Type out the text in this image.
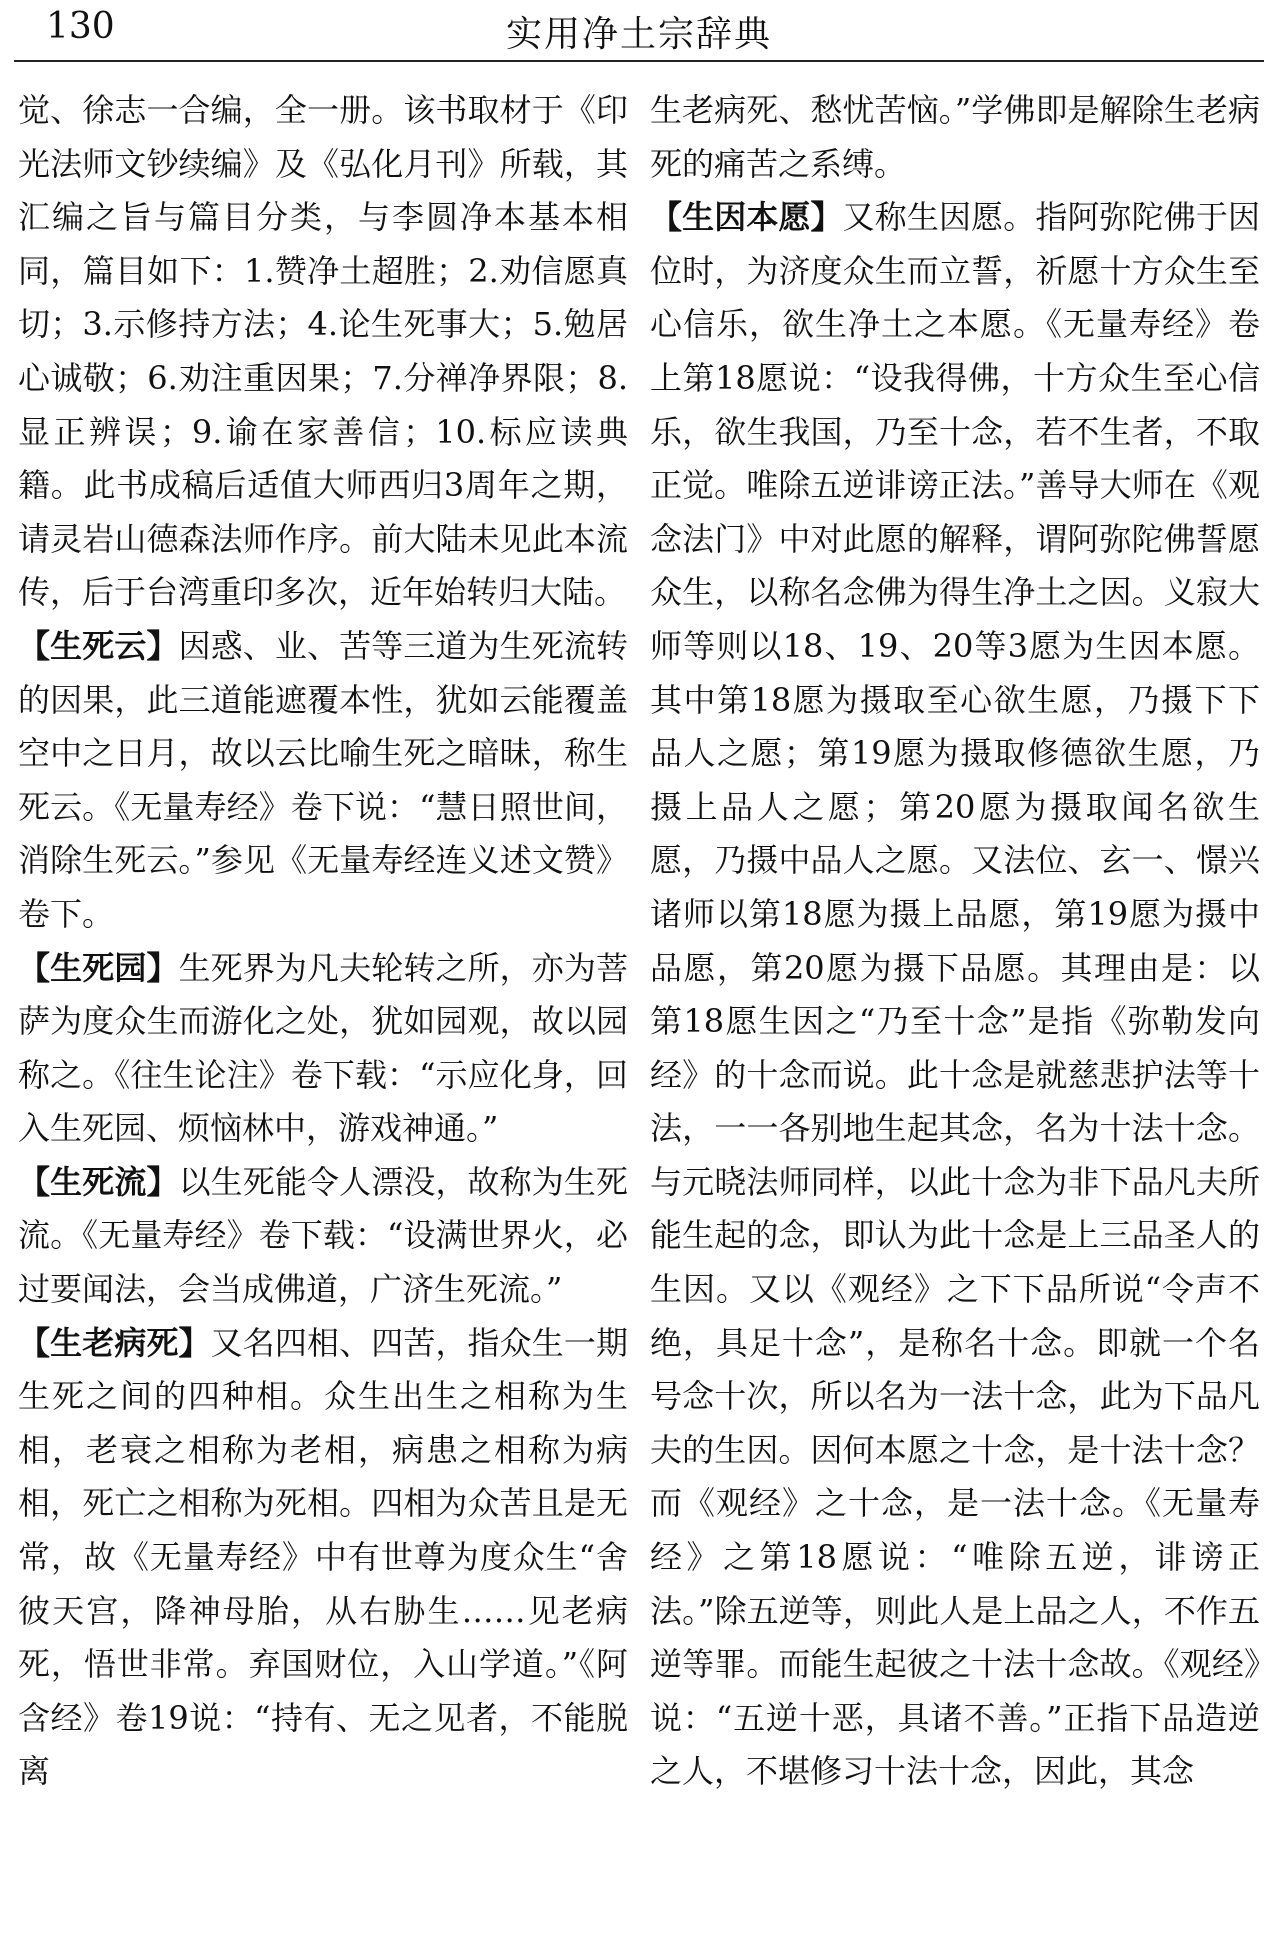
130	实用净土宗辞典

觉、徐志一合编，全一册。该书取材于《印光法师文钞续编》及《弘化月刊》所载，其汇编之旨与篇目分类，与李圆净本基本相同，篇目如下：1.赞净土超胜；2.劝信愿真切；3.示修持方法；4.论生死事大；5.勉居心诚敬；6.劝注重因果；7.分禅净界限；8.显正辨误；9.谕在家善信；10.标应读典籍。此书成稿后适值大师西归3周年之期，请灵岩山德森法师作序。前大陆未见此本流传，后于台湾重印多次，近年始转归大陆。

【生死云】因惑、业、苦等三道为生死流转的因果，此三道能遮覆本性，犹如云能覆盖空中之日月，故以云比喻生死之暗昧，称生死云。《无量寿经》卷下说：“慧日照世间，消除生死云。”参见《无量寿经连义述文赞》卷下。

【生死园】生死界为凡夫轮转之所，亦为菩萨为度众生而游化之处，犹如园观，故以园称之。《往生论注》卷下载：“示应化身，回入生死园、烦恼林中，游戏神通。”

【生死流】以生死能令人漂没，故称为生死流。《无量寿经》卷下载：“设满世界火，必过要闻法，会当成佛道，广济生死流。”

【生老病死】又名四相、四苦，指众生一期生死之间的四种相。众生出生之相称为生相，老衰之相称为老相，病患之相称为病相，死亡之相称为死相。四相为众苦且是无常，故《无量寿经》中有世尊为度众生“舍彼天宫，降神母胎，从右胁生……见老病死，悟世非常。弃国财位，入山学道。”《阿含经》卷19说：“持有、无之见者，不能脱离

生老病死、愁忧苦恼。”学佛即是解除生老病死的痛苦之系缚。

【生因本愿】又称生因愿。指阿弥陀佛于因位时，为济度众生而立誓，祈愿十方众生至心信乐，欲生净土之本愿。《无量寿经》卷上第18愿说：“设我得佛，十方众生至心信乐，欲生我国，乃至十念，若不生者，不取正觉。唯除五逆诽谤正法。”善导大师在《观念法门》中对此愿的解释，谓阿弥陀佛誓愿众生，以称名念佛为得生净土之因。义寂大师等则以18、19、20等3愿为生因本愿。其中第18愿为摄取至心欲生愿，乃摄下下品人之愿；第19愿为摄取修德欲生愿，乃摄上品人之愿；第20愿为摄取闻名欲生愿，乃摄中品人之愿。又法位、玄一、憬兴诸师以第18愿为摄上品愿，第19愿为摄中品愿，第20愿为摄下品愿。其理由是：以第18愿生因之“乃至十念”是指《弥勒发向经》的十念而说。此十念是就慈悲护法等十法，一一各别地生起其念，名为十法十念。与元晓法师同样，以此十念为非下品凡夫所能生起的念，即认为此十念是上三品圣人的生因。又以《观经》之下下品所说“令声不绝，具足十念”，是称名十念。即就一个名号念十次，所以名为一法十念，此为下品凡夫的生因。因何本愿之十念，是十法十念？而《观经》之十念，是一法十念。《无量寿经》之第18愿说：“唯除五逆，诽谤正法。”除五逆等，则此人是上品之人，不作五逆等罪。而能生起彼之十法十念故。《观经》说：“五逆十恶，具诸不善。”正指下品造逆之人，不堪修习十法十念，因此，其念
